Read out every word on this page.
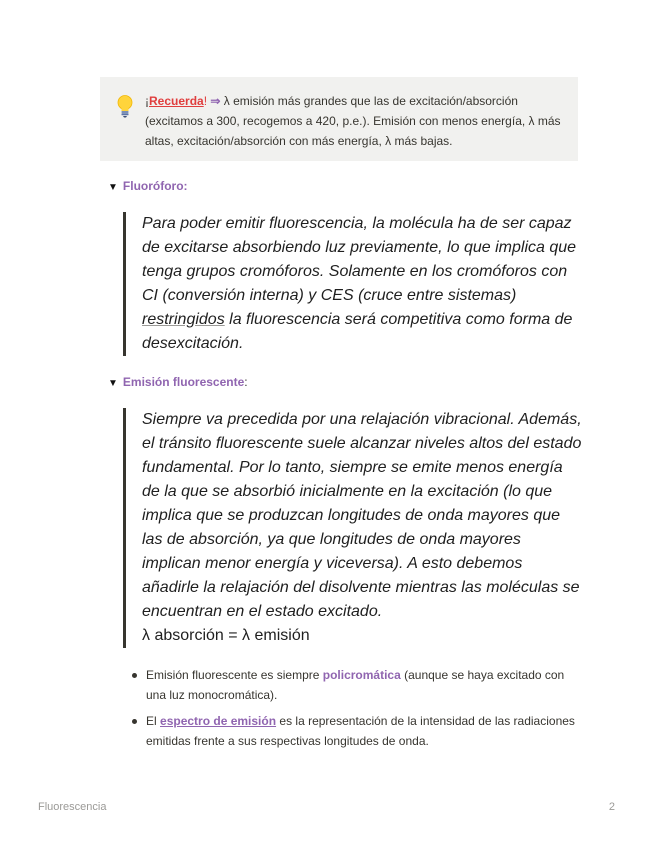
¡Recuerda! ⇒ λ emisión más grandes que las de excitación/absorción (excitamos a 300, recogemos a 420, p.e.). Emisión con menos energía, λ más altas, excitación/absorción con más energía, λ más bajas.
▼ Fluoróforo:
Para poder emitir fluorescencia, la molécula ha de ser capaz de excitarse absorbiendo luz previamente, lo que implica que tenga grupos cromóforos. Solamente en los cromóforos con CI (conversión interna) y CES (cruce entre sistemas) restringidos la fluorescencia será competitiva como forma de desexcitación.
▼ Emisión fluorescente:
Siempre va precedida por una relajación vibracional. Además, el tránsito fluorescente suele alcanzar niveles altos del estado fundamental. Por lo tanto, siempre se emite menos energía de la que se absorbió inicialmente en la excitación (lo que implica que se produzcan longitudes de onda mayores que las de absorción, ya que longitudes de onda mayores implican menor energía y viceversa). A esto debemos añadirle la relajación del disolvente mientras las moléculas se encuentran en el estado excitado.
λ absorción = λ emisión
Emisión fluorescente es siempre policromática (aunque se haya excitado con una luz monocromática).
El espectro de emisión es la representación de la intensidad de las radiaciones emitidas frente a sus respectivas longitudes de onda.
Fluorescencia	2
